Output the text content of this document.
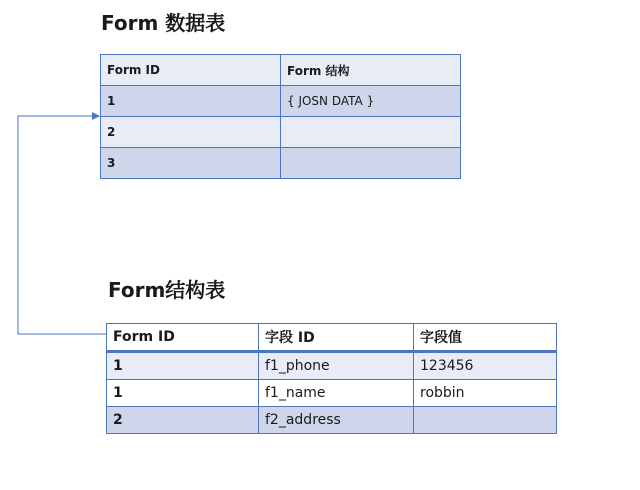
Form 数据表
Form ID	Form 结构
1	{ JOSN DATA }
2	
3	
Form结构表
Form ID	字段 ID	字段值
1	f1_phone	123456
1	f1_name	robbin
2	f2_address	
